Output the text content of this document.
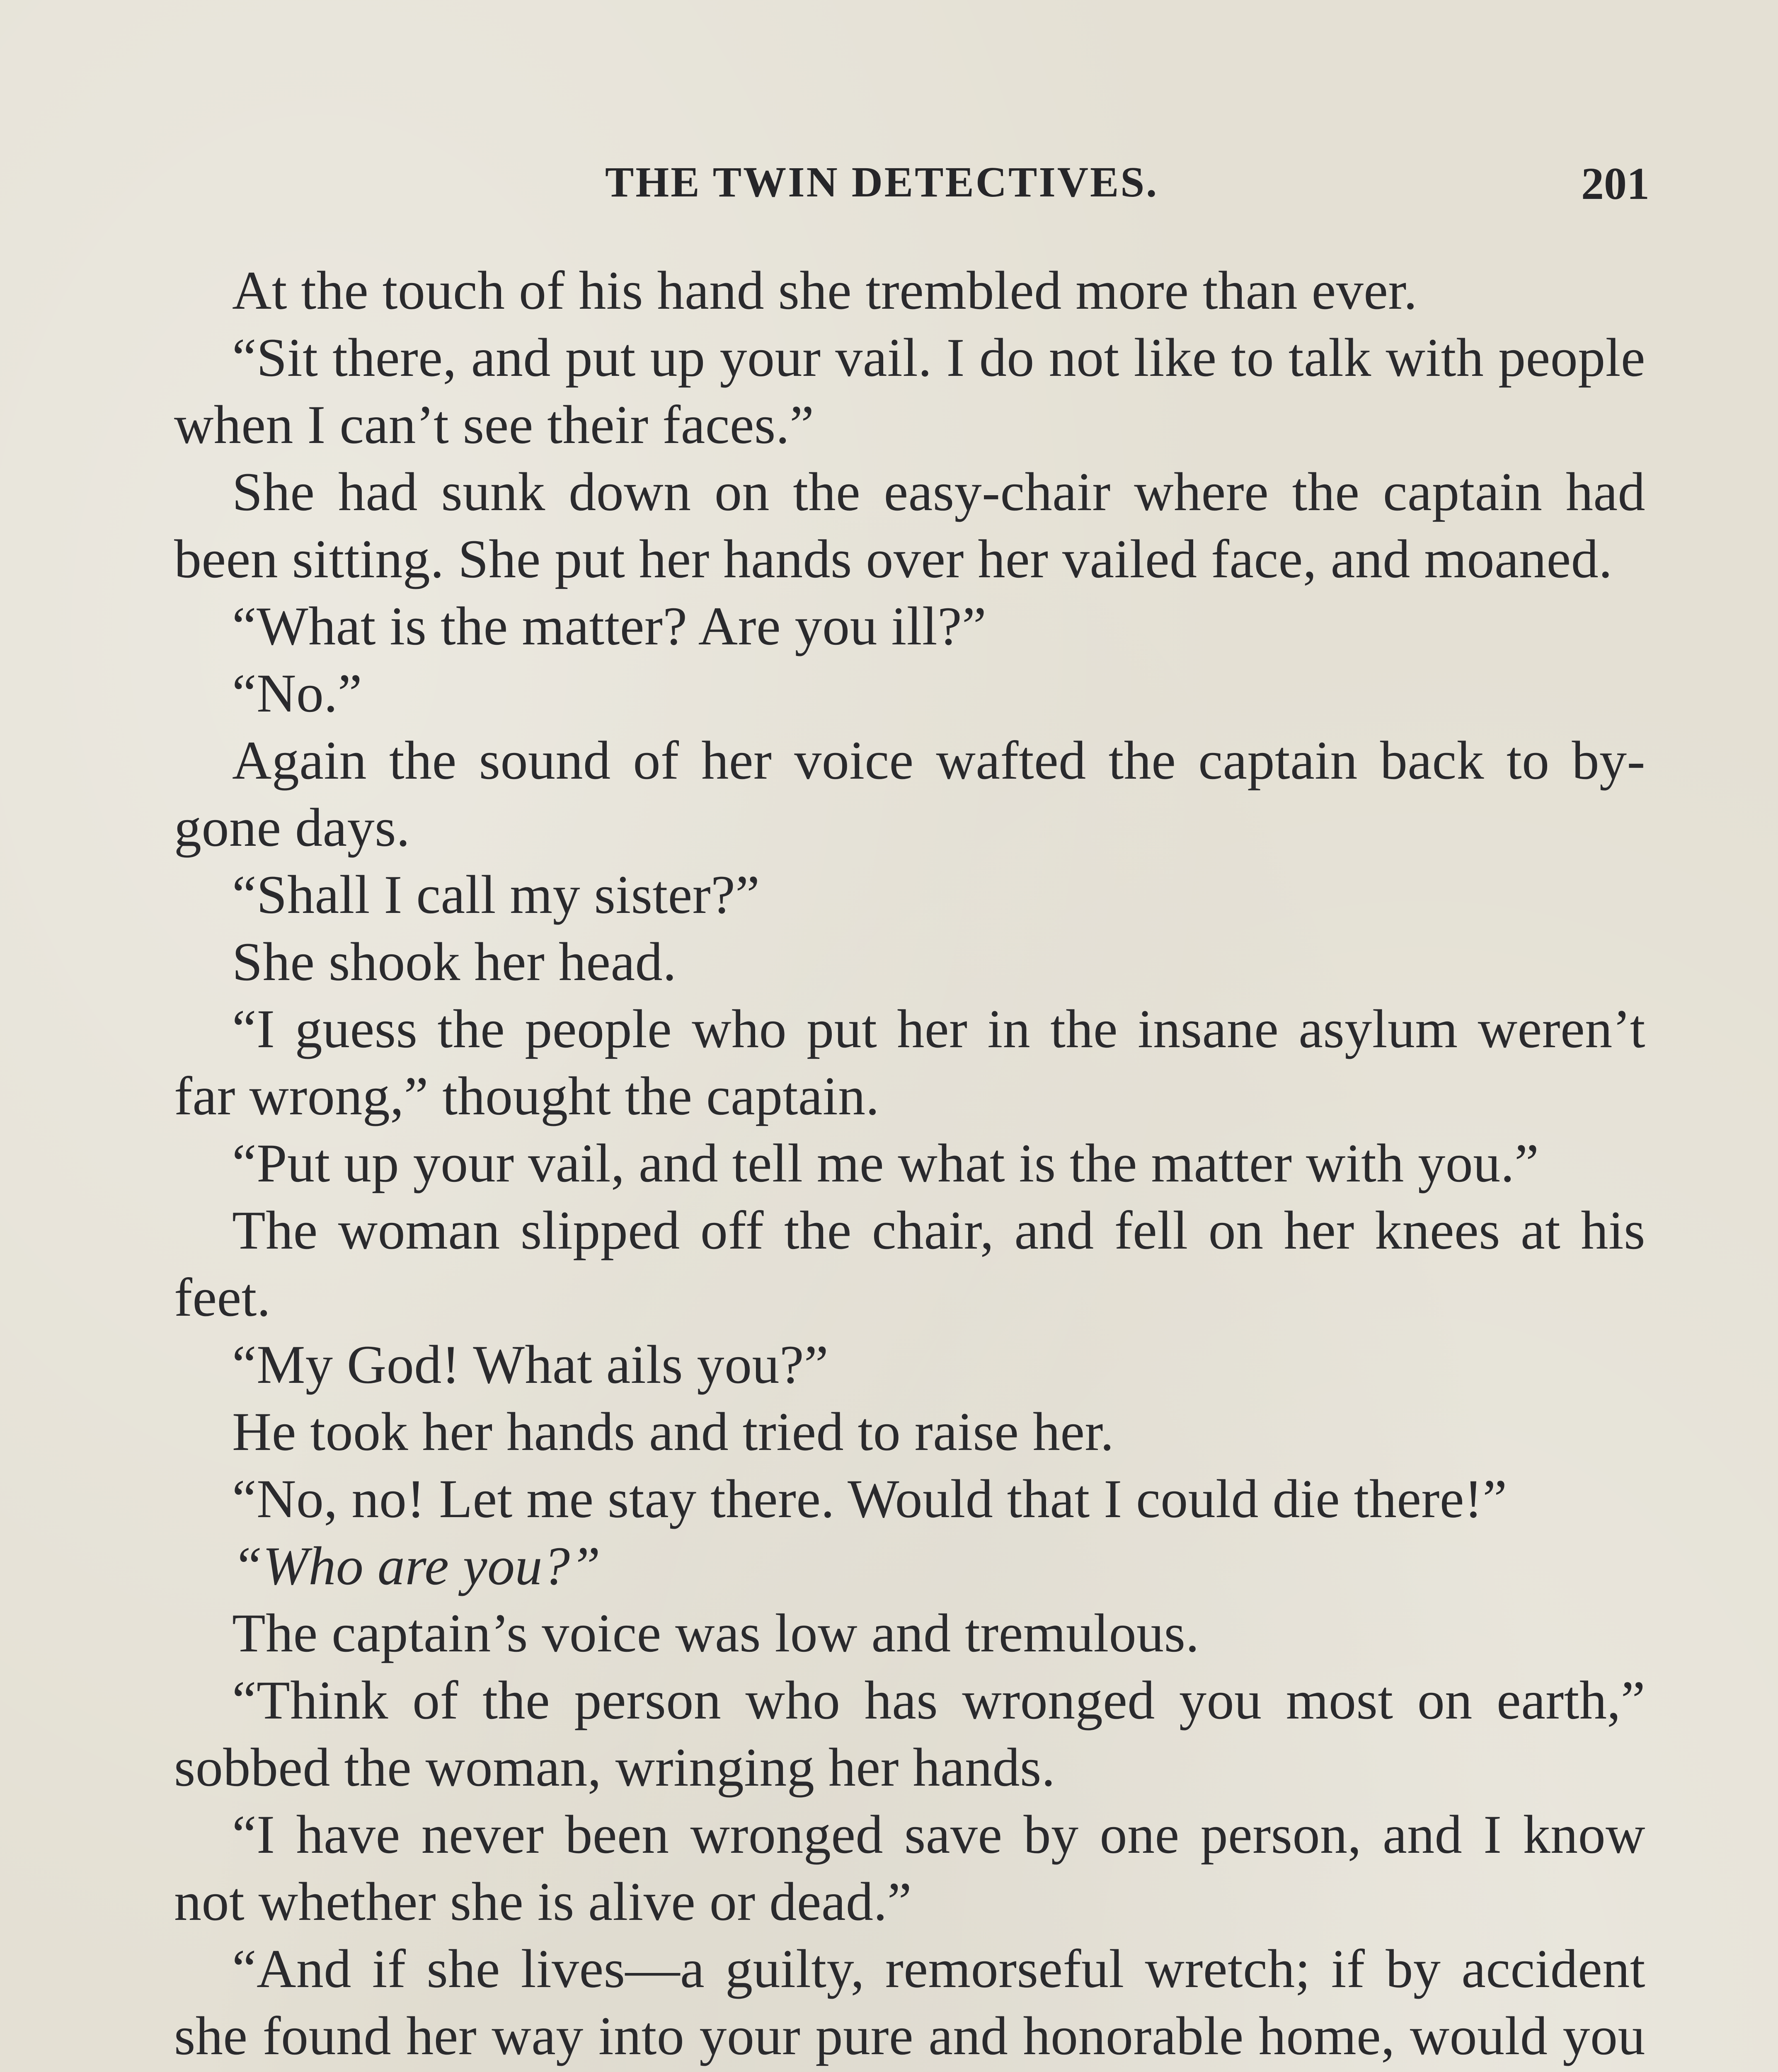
THE TWIN DETECTIVES.	201

At the touch of his hand she trembled more than ever.

“Sit there, and put up your vail. I do not like to talk with people when I can’t see their faces.”

She had sunk down on the easy-chair where the captain had been sitting. She put her hands over her vailed face, and moaned.

“What is the matter? Are you ill?”

“No.”

Again the sound of her voice wafted the captain back to by-gone days.

“Shall I call my sister?”

She shook her head.

“I guess the people who put her in the insane asylum weren’t far wrong,” thought the captain.

“Put up your vail, and tell me what is the matter with you.”

The woman slipped off the chair, and fell on her knees at his feet.

“My God! What ails you?”

He took her hands and tried to raise her.

“No, no! Let me stay there. Would that I could die there!”

“Who are you?”

The captain’s voice was low and tremulous.

“Think of the person who has wronged you most on earth,” sobbed the woman, wringing her hands.

“I have never been wronged save by one person, and I know not whether she is alive or dead.”

“And if she lives—a guilty, remorseful wretch; if by accident she found her way into your pure and honorable home, would you
